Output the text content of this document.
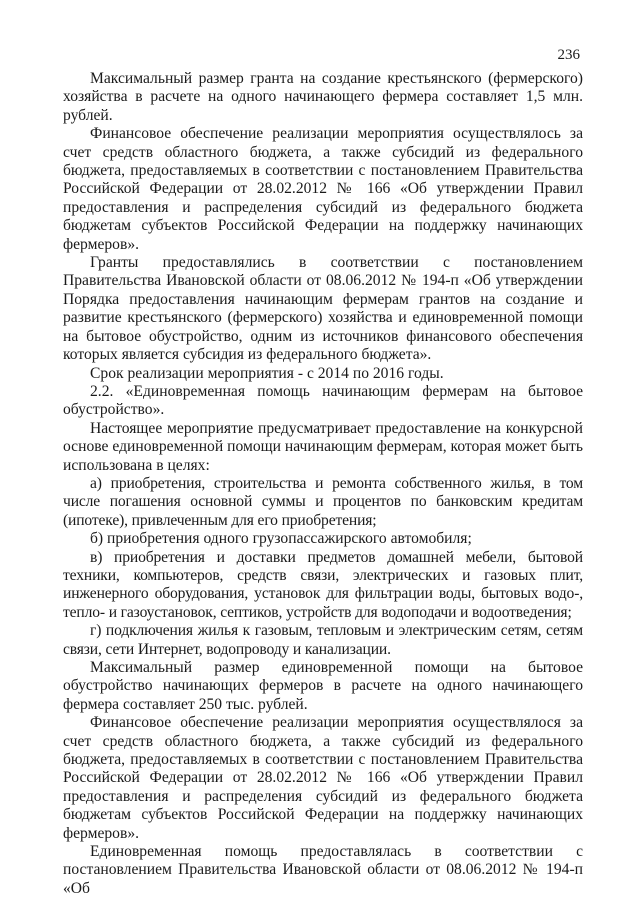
236

Максимальный размер гранта на создание крестьянского (фермерского) хозяйства в расчете на одного начинающего фермера составляет 1,5 млн. рублей.

Финансовое обеспечение реализации мероприятия осуществлялось за счет средств областного бюджета, а также субсидий из федерального бюджета, предоставляемых в соответствии с постановлением Правительства Российской Федерации от 28.02.2012 № 166 «Об утверждении Правил предоставления и распределения субсидий из федерального бюджета бюджетам субъектов Российской Федерации на поддержку начинающих фермеров».

Гранты предоставлялись в соответствии с постановлением Правительства Ивановской области от 08.06.2012 № 194-п «Об утверждении Порядка предоставления начинающим фермерам грантов на создание и развитие крестьянского (фермерского) хозяйства и единовременной помощи на бытовое обустройство, одним из источников финансового обеспечения которых является субсидия из федерального бюджета».

Срок реализации мероприятия - с 2014 по 2016 годы.

2.2. «Единовременная помощь начинающим фермерам на бытовое обустройство».

Настоящее мероприятие предусматривает предоставление на конкурсной основе единовременной помощи начинающим фермерам, которая может быть использована в целях:

а) приобретения, строительства и ремонта собственного жилья, в том числе погашения основной суммы и процентов по банковским кредитам (ипотеке), привлеченным для его приобретения;

б) приобретения одного грузопассажирского автомобиля;

в) приобретения и доставки предметов домашней мебели, бытовой техники, компьютеров, средств связи, электрических и газовых плит, инженерного оборудования, установок для фильтрации воды, бытовых водо-, тепло- и газоустановок, септиков, устройств для водоподачи и водоотведения;

г) подключения жилья к газовым, тепловым и электрическим сетям, сетям связи, сети Интернет, водопроводу и канализации.

Максимальный размер единовременной помощи на бытовое обустройство начинающих фермеров в расчете на одного начинающего фермера составляет 250 тыс. рублей.

Финансовое обеспечение реализации мероприятия осуществлялося за счет средств областного бюджета, а также субсидий из федерального бюджета, предоставляемых в соответствии с постановлением Правительства Российской Федерации от 28.02.2012 № 166 «Об утверждении Правил предоставления и распределения субсидий из федерального бюджета бюджетам субъектов Российской Федерации на поддержку начинающих фермеров».

Единовременная помощь предоставлялась в соответствии с постановлением Правительства Ивановской области от 08.06.2012 № 194-п «Об
